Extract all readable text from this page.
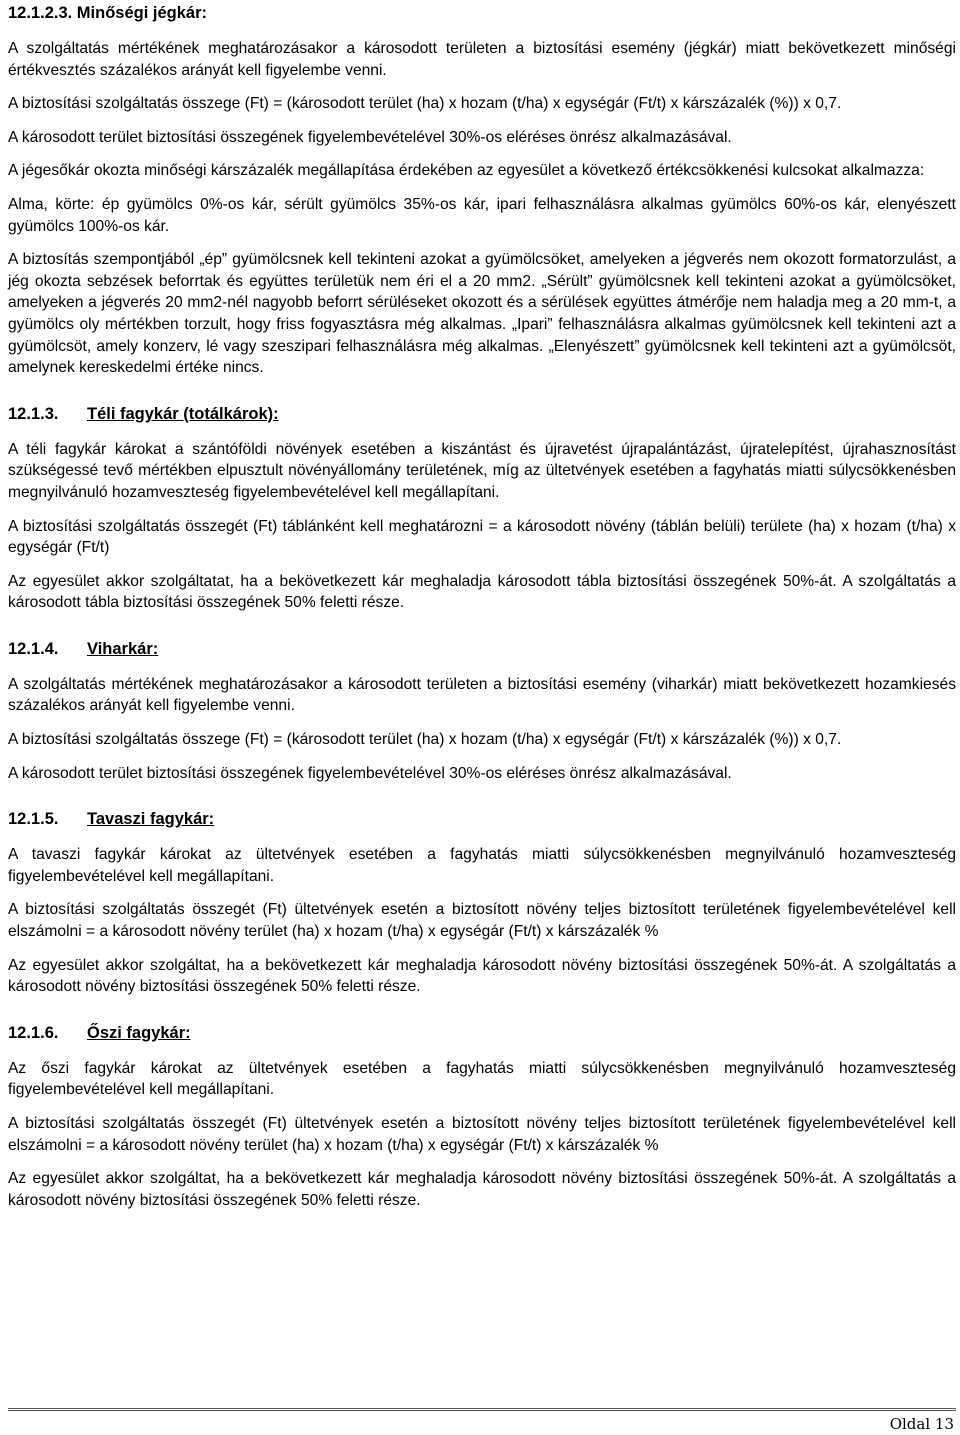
12.1.2.3. Minőségi jégkár:

A szolgáltatás mértékének meghatározásakor a károsodott területen a biztosítási esemény (jégkár) miatt bekövetkezett minőségi értékvesztés százalékos arányát kell figyelembe venni.

A biztosítási szolgáltatás összege (Ft) = (károsodott terület (ha) x hozam (t/ha) x egységár (Ft/t) x kárszázalék (%)) x 0,7.

A károsodott terület biztosítási összegének figyelembevételével 30%-os eléréses önrész alkalmazásával.

A jégesőkár okozta minőségi kárszázalék megállapítása érdekében az egyesület a következő értékcsökkenési kulcsokat alkalmazza:

Alma, körte: ép gyümölcs 0%-os kár, sérült gyümölcs 35%-os kár, ipari felhasználásra alkalmas gyümölcs 60%-os kár, elenyészett gyümölcs 100%-os kár.

A biztosítás szempontjából „ép” gyümölcsnek kell tekinteni azokat a gyümölcsöket, amelyeken a jégverés nem okozott formatorzulást, a jég okozta sebzések beforrtak és együttes területük nem éri el a 20 mm2. „Sérült” gyümölcsnek kell tekinteni azokat a gyümölcsöket, amelyeken a jégverés 20 mm2-nél nagyobb beforrt sérüléseket okozott és a sérülések együttes átmérője nem haladja meg a 20 mm-t, a gyümölcs oly mértékben torzult, hogy friss fogyasztásra még alkalmas. „Ipari” felhasználásra alkalmas gyümölcsnek kell tekinteni azt a gyümölcsöt, amely konzerv, lé vagy szeszipari felhasználásra még alkalmas. „Elenyészett” gyümölcsnek kell tekinteni azt a gyümölcsöt, amelynek kereskedelmi értéke nincs.

12.1.3.	Téli fagykár (totálkárok):

A téli fagykár károkat a szántóföldi növények esetében a kiszántást és újravetést újrapalántázást, újratelepítést, újrahasznosítást szükségessé tevő mértékben elpusztult növényállomány területének, míg az ültetvények esetében a fagyhatás miatti súlycsökkenésben megnyilvánuló hozamveszteség figyelembevételével kell megállapítani.

A biztosítási szolgáltatás összegét (Ft) táblánként kell meghatározni = a károsodott növény (táblán belüli) területe (ha) x hozam (t/ha) x egységár (Ft/t)

Az egyesület akkor szolgáltatat, ha a bekövetkezett kár meghaladja károsodott tábla biztosítási összegének 50%-át. A szolgáltatás a károsodott tábla biztosítási összegének 50% feletti része.

12.1.4.	Viharkár:

A szolgáltatás mértékének meghatározásakor a károsodott területen a biztosítási esemény (viharkár) miatt bekövetkezett hozamkiesés százalékos arányát kell figyelembe venni.

A biztosítási szolgáltatás összege (Ft) = (károsodott terület (ha) x hozam (t/ha) x egységár (Ft/t) x kárszázalék (%)) x 0,7.

A károsodott terület biztosítási összegének figyelembevételével 30%-os eléréses önrész alkalmazásával.

12.1.5.	Tavaszi fagykár:

A tavaszi fagykár károkat az ültetvények esetében a fagyhatás miatti súlycsökkenésben megnyilvánuló hozamveszteség figyelembevételével kell megállapítani.

A biztosítási szolgáltatás összegét (Ft) ültetvények esetén a biztosított növény teljes biztosított területének figyelembevételével kell elszámolni = a károsodott növény terület (ha) x hozam (t/ha) x egységár (Ft/t) x kárszázalék %

Az egyesület akkor szolgáltat, ha a bekövetkezett kár meghaladja károsodott növény biztosítási összegének 50%-át. A szolgáltatás a károsodott növény biztosítási összegének 50% feletti része.

12.1.6.	Őszi fagykár:

Az őszi fagykár károkat az ültetvények esetében a fagyhatás miatti súlycsökkenésben megnyilvánuló hozamveszteség figyelembevételével kell megállapítani.

A biztosítási szolgáltatás összegét (Ft) ültetvények esetén a biztosított növény teljes biztosított területének figyelembevételével kell elszámolni = a károsodott növény terület (ha) x hozam (t/ha) x egységár (Ft/t) x kárszázalék %

Az egyesület akkor szolgáltat, ha a bekövetkezett kár meghaladja károsodott növény biztosítási összegének 50%-át. A szolgáltatás a károsodott növény biztosítási összegének 50% feletti része.

Oldal 13
